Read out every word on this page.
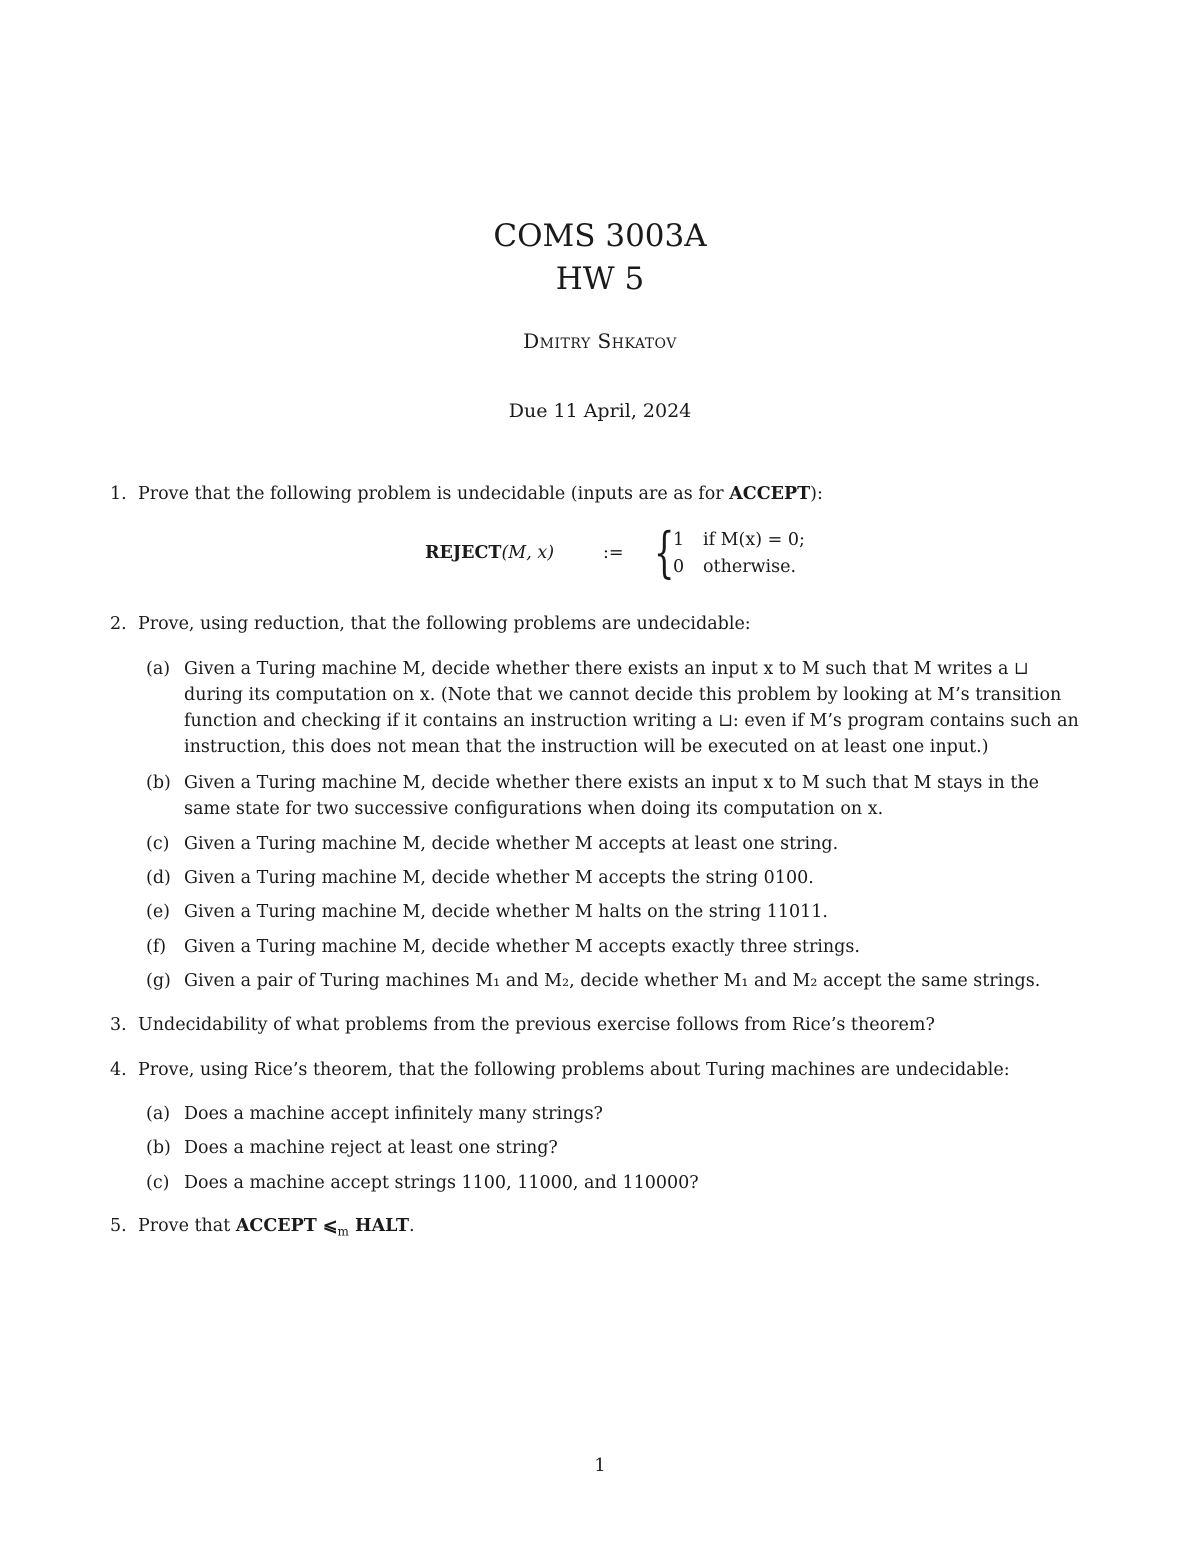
COMS 3003A
HW 5
Dmitry Shkatov
Due 11 April, 2024
1. Prove that the following problem is undecidable (inputs are as for ACCEPT):
REJECT(M, x)	:= {
1 if M(x) = 0;
0 otherwise.
2. Prove, using reduction, that the following problems are undecidable:
(a) Given a Turing machine M, decide whether there exists an input x to M such that M writes a ⊔
during its computation on x. (Note that we cannot decide this problem by looking at M’s transition
function and checking if it contains an instruction writing a ⊔: even if M’s program contains such an
instruction, this does not mean that the instruction will be executed on at least one input.)
(b) Given a Turing machine M, decide whether there exists an input x to M such that M stays in the
same state for two successive configurations when doing its computation on x.
(c) Given a Turing machine M, decide whether M accepts at least one string.
(d) Given a Turing machine M, decide whether M accepts the string 0100.
(e) Given a Turing machine M, decide whether M halts on the string 11011.
(f) Given a Turing machine M, decide whether M accepts exactly three strings.
(g) Given a pair of Turing machines M₁ and M₂, decide whether M₁ and M₂ accept the same strings.
3. Undecidability of what problems from the previous exercise follows from Rice’s theorem?
4. Prove, using Rice’s theorem, that the following problems about Turing machines are undecidable:
(a) Does a machine accept infinitely many strings?
(b) Does a machine reject at least one string?
(c) Does a machine accept strings 1100, 11000, and 110000?
5. Prove that ACCEPT $⩽_m$ HALT.
1
